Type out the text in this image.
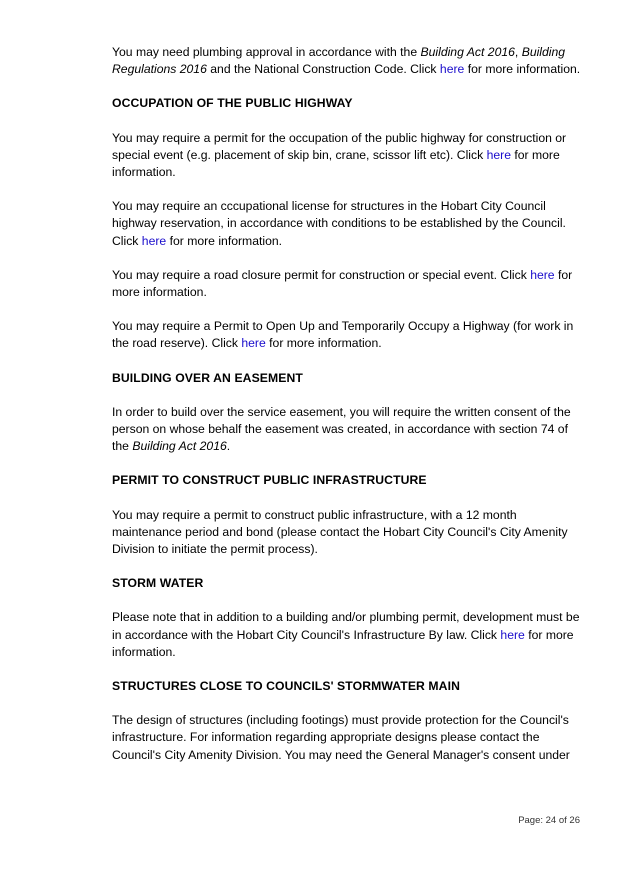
You may need plumbing approval in accordance with the Building Act 2016, Building Regulations 2016 and the National Construction Code. Click here for more information.

OCCUPATION OF THE PUBLIC HIGHWAY

You may require a permit for the occupation of the public highway for construction or special event (e.g. placement of skip bin, crane, scissor lift etc). Click here for more information.

You may require an cccupational license for structures in the Hobart City Council highway reservation, in accordance with conditions to be established by the Council. Click here for more information.

You may require a road closure permit for construction or special event. Click here for more information.

You may require a Permit to Open Up and Temporarily Occupy a Highway (for work in the road reserve). Click here for more information.

BUILDING OVER AN EASEMENT

In order to build over the service easement, you will require the written consent of the person on whose behalf the easement was created, in accordance with section 74 of the Building Act 2016.

PERMIT TO CONSTRUCT PUBLIC INFRASTRUCTURE

You may require a permit to construct public infrastructure, with a 12 month maintenance period and bond (please contact the Hobart City Council's City Amenity Division to initiate the permit process).

STORM WATER

Please note that in addition to a building and/or plumbing permit, development must be in accordance with the Hobart City Council's Infrastructure By law. Click here for more information.

STRUCTURES CLOSE TO COUNCILS' STORMWATER MAIN

The design of structures (including footings) must provide protection for the Council's infrastructure. For information regarding appropriate designs please contact the Council's City Amenity Division. You may need the General Manager's consent under

Page: 24 of 26
